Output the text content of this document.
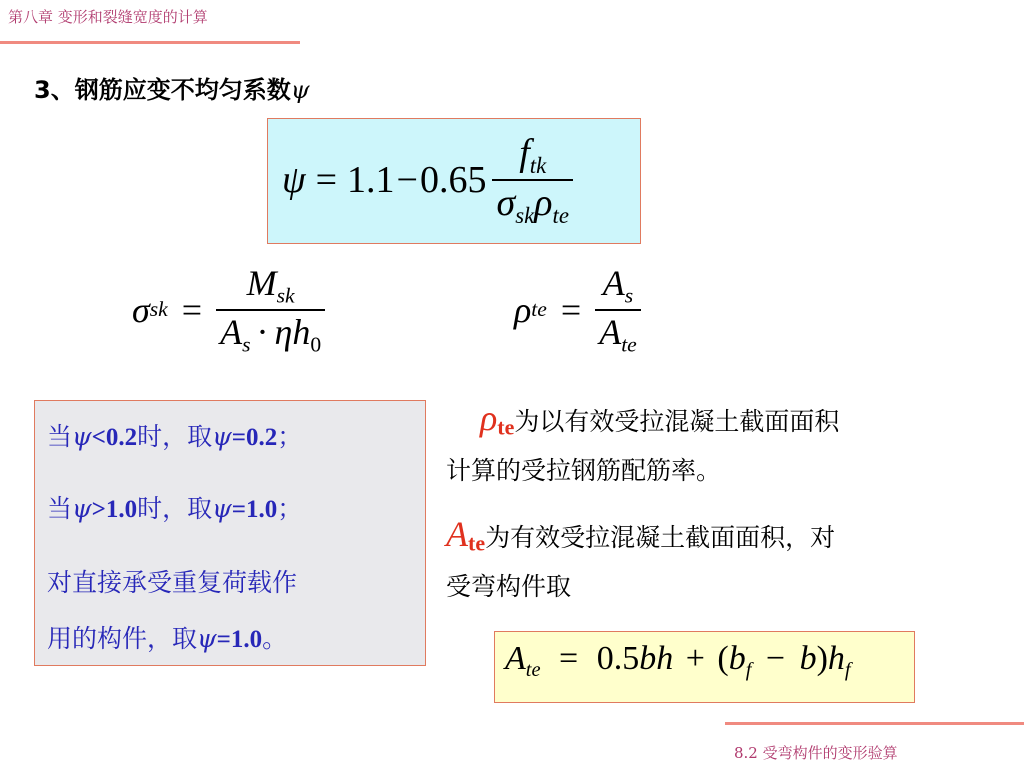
第八章 变形和裂缝宽度的计算
3、钢筋应变不均匀系数ψ
$\psi = 1.1 - 0.65 \frac{f_{tk}}{\sigma_{sk}\rho_{te}}$
σ sk = $\frac{M_{sk}}{A_s \cdot \eta h_0}$	ρ te = $\frac{A_s}{A_{te}}$
当ψ<0.2时，取ψ=0.2；
当ψ>1.0时，取ψ=1.0；
对直接承受重复荷载作
用的构件，取ψ=1.0。
$\rho_{te}$为以有效受拉混凝土截面面积
计算的受拉钢筋配筋率。
$A_{te}$为有效受拉混凝土截面面积，对
受弯构件取
$A_{te} = 0.5bh + (b_f - b)h_f$
8.2 受弯构件的变形验算
